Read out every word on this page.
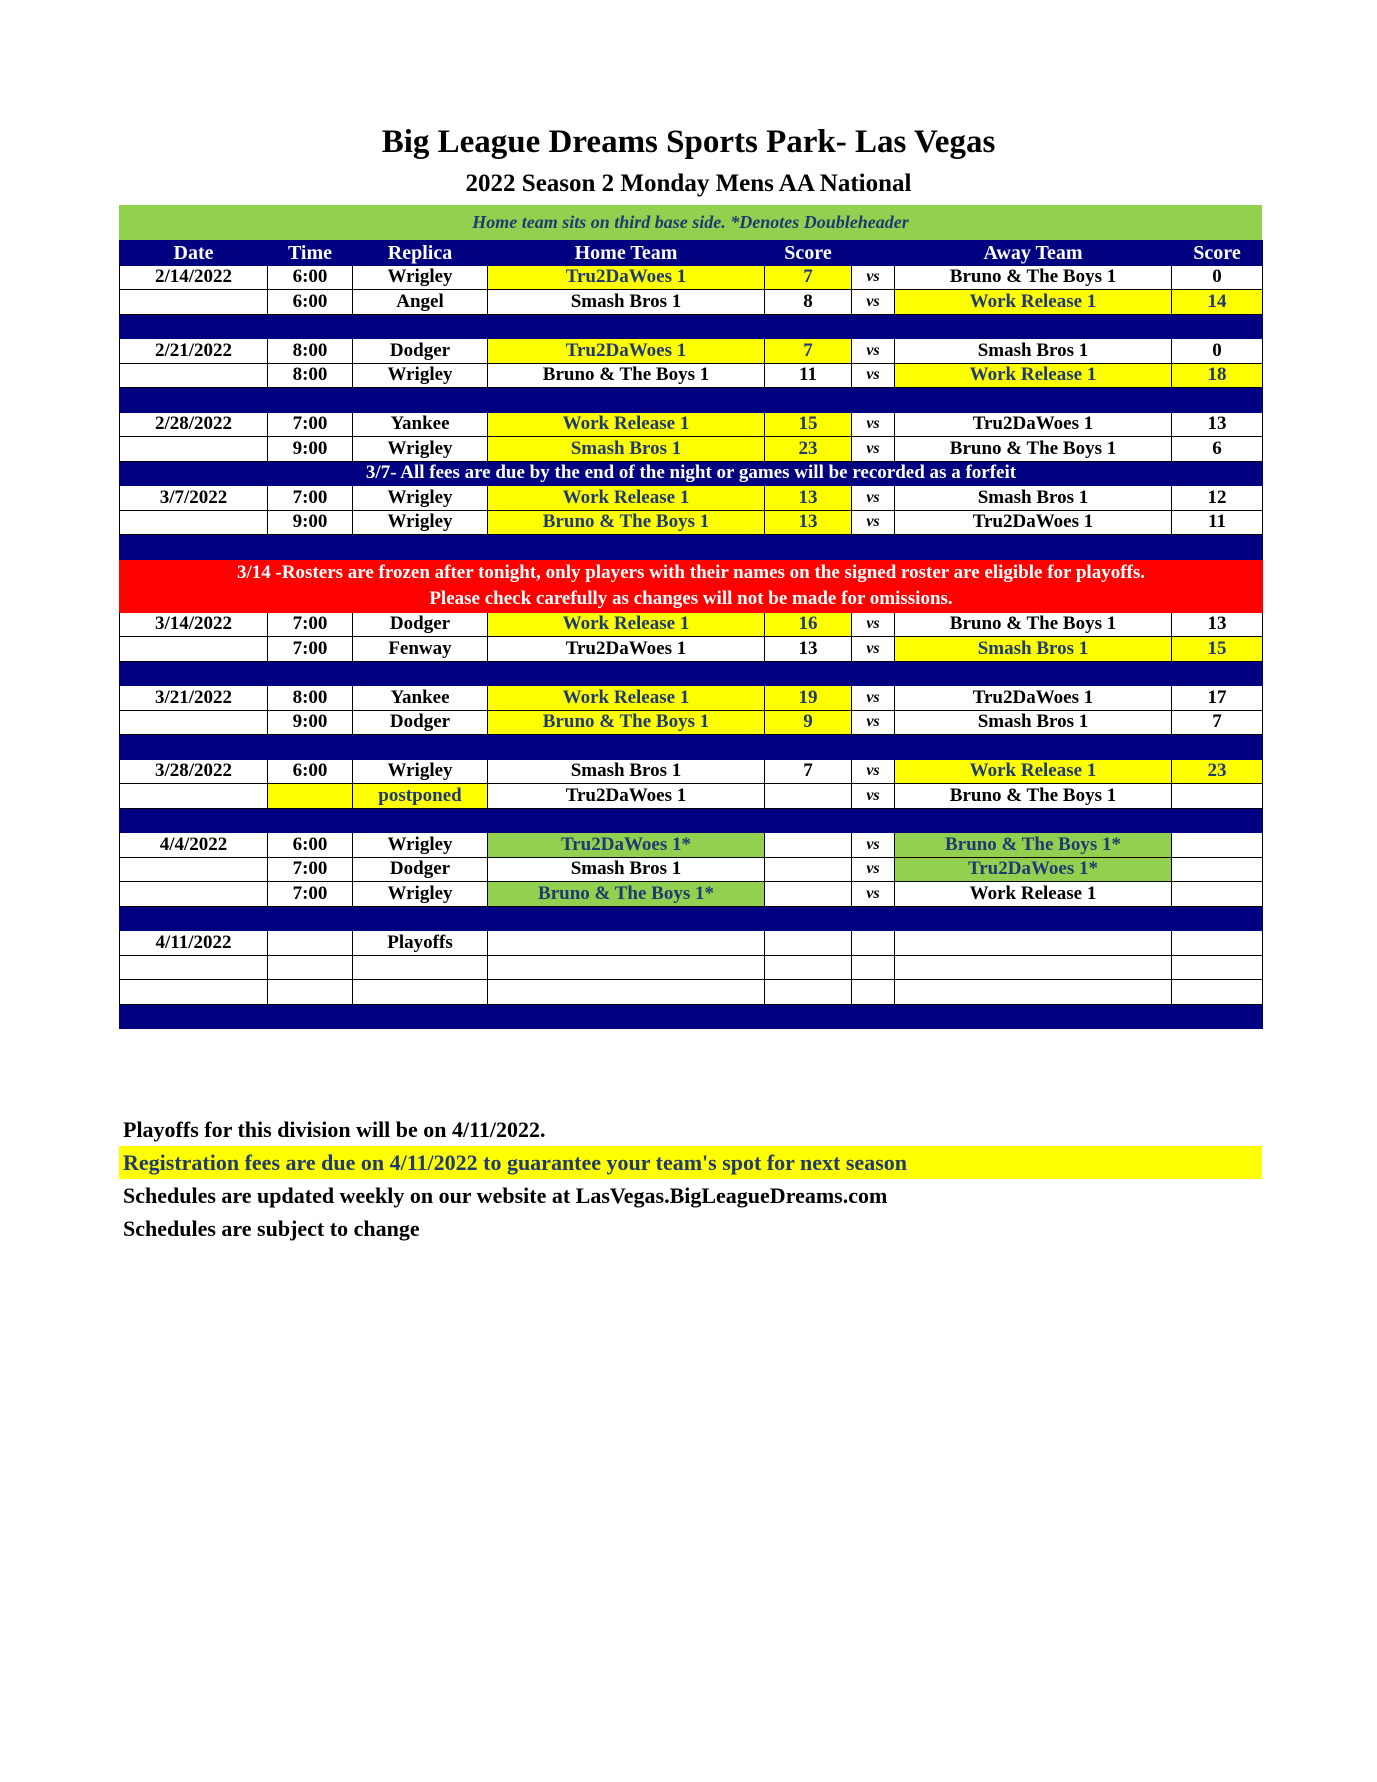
Big League Dreams Sports Park- Las Vegas
2022 Season 2 Monday Mens AA National
Home team sits on third base side. *Denotes Doubleheader
Date	Time	Replica	Home Team	Score		Away Team	Score
2/14/2022	6:00	Wrigley	Tru2DaWoes 1	7	vs	Bruno & The Boys 1	0
	6:00	Angel	Smash Bros 1	8	vs	Work Release 1	14

2/21/2022	8:00	Dodger	Tru2DaWoes 1	7	vs	Smash Bros 1	0
	8:00	Wrigley	Bruno & The Boys 1	11	vs	Work Release 1	18

2/28/2022	7:00	Yankee	Work Release 1	15	vs	Tru2DaWoes 1	13
	9:00	Wrigley	Smash Bros 1	23	vs	Bruno & The Boys 1	6
3/7- All fees are due by the end of the night or games will be recorded as a forfeit							
3/7/2022	7:00	Wrigley	Work Release 1	13	vs	Smash Bros 1	12
	9:00	Wrigley	Bruno & The Boys 1	13	vs	Tru2DaWoes 1	11

3/14 -Rosters are frozen after tonight, only players with their names on the signed roster are eligible for playoffs.
Please check carefully as changes will not be made for omissions.							

3/14/2022	7:00	Dodger	Work Release 1	16	vs	Bruno & The Boys 1	13
	7:00	Fenway	Tru2DaWoes 1	13	vs	Smash Bros 1	15

3/21/2022	8:00	Yankee	Work Release 1	19	vs	Tru2DaWoes 1	17
	9:00	Dodger	Bruno & The Boys 1	9	vs	Smash Bros 1	7

3/28/2022	6:00	Wrigley	Smash Bros 1	7	vs	Work Release 1	23
		postponed	Tru2DaWoes 1		vs	Bruno & The Boys 1	

4/4/2022	6:00	Wrigley	Tru2DaWoes 1*		vs	Bruno & The Boys 1*	
	7:00	Dodger	Smash Bros 1		vs	Tru2DaWoes 1*	
	7:00	Wrigley	Bruno & The Boys 1*		vs	Work Release 1	

4/11/2022		Playoffs					

Playoffs for this division will be on 4/11/2022.
Registration fees are due on 4/11/2022 to guarantee your team's spot for next season
Schedules are updated weekly on our website at LasVegas.BigLeagueDreams.com
Schedules are subject to change
